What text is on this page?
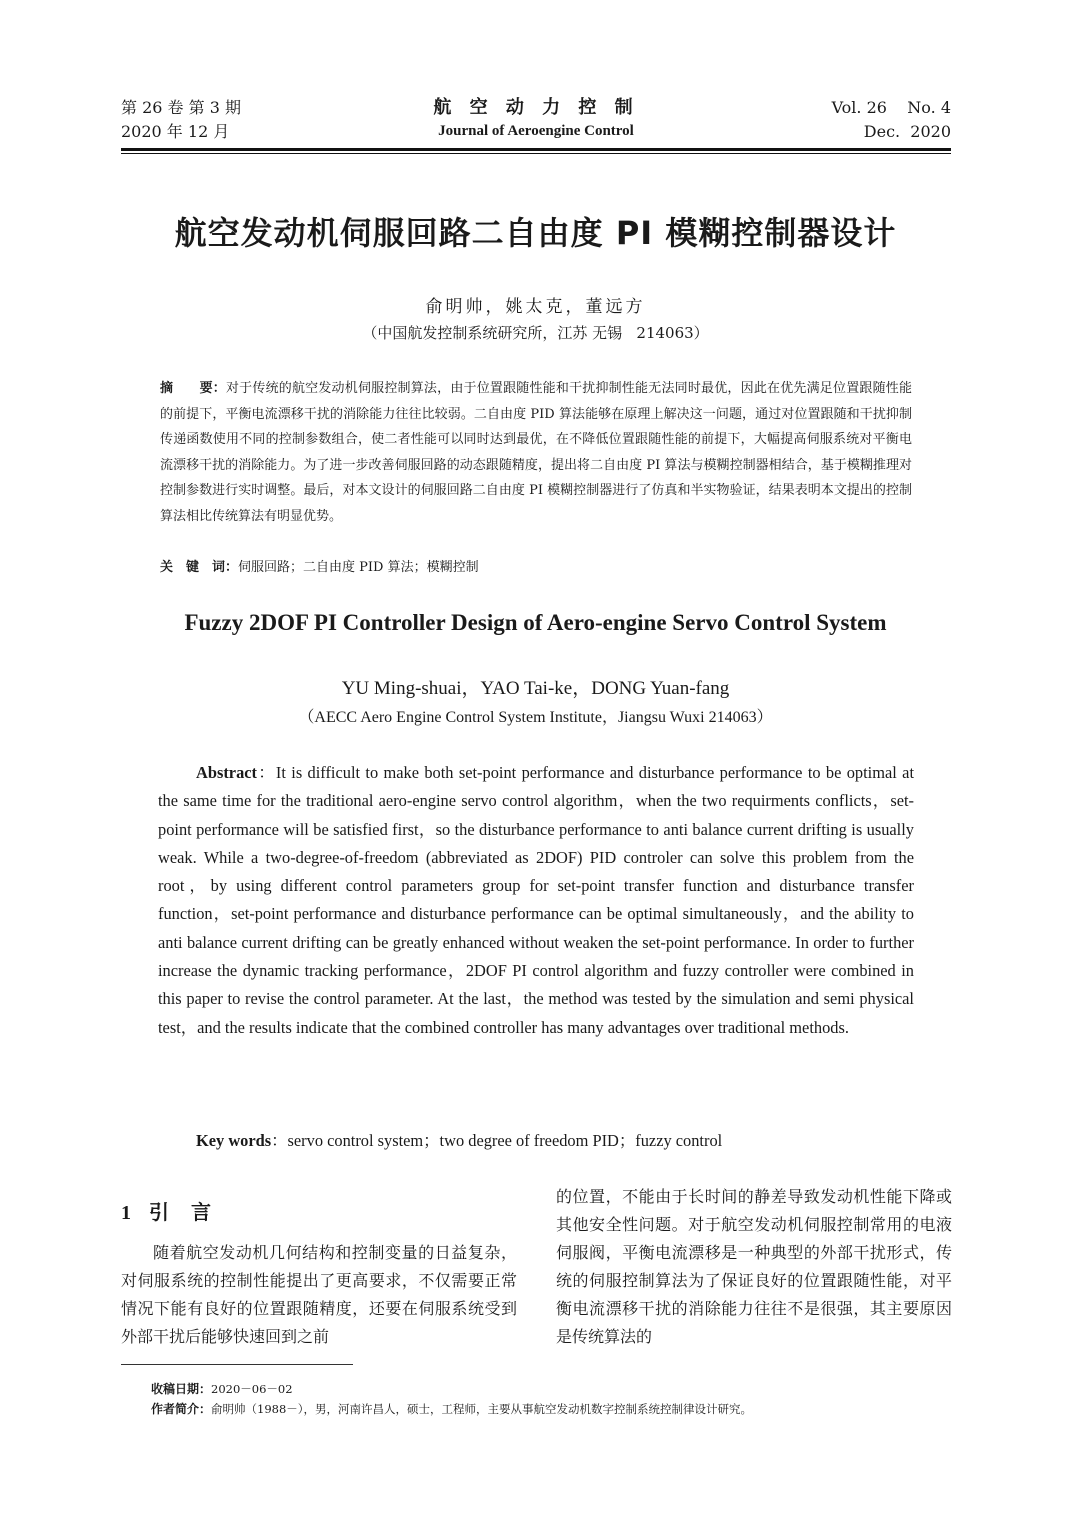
第 26 卷 第 3 期
2020 年 12 月
航 空 动 力 控 制
Journal of Aeroengine Control
Vol. 26    No. 4
Dec.  2020
航空发动机伺服回路二自由度 PI 模糊控制器设计
俞明帅，姚太克，董远方
（中国航发控制系统研究所，江苏 无锡   214063）
摘　　要：对于传统的航空发动机伺服控制算法，由于位置跟随性能和干扰抑制性能无法同时最优，因此在优先满足位置跟随性能的前提下，平衡电流漂移干扰的消除能力往往比较弱。二自由度 PID 算法能够在原理上解决这一问题，通过对位置跟随和干扰抑制传递函数使用不同的控制参数组合，使二者性能可以同时达到最优，在不降低位置跟随性能的前提下，大幅提高伺服系统对平衡电流漂移干扰的消除能力。为了进一步改善伺服回路的动态跟随精度，提出将二自由度 PI 算法与模糊控制器相结合，基于模糊推理对控制参数进行实时调整。最后，对本文设计的伺服回路二自由度 PI 模糊控制器进行了仿真和半实物验证，结果表明本文提出的控制算法相比传统算法有明显优势。
关　键　词：伺服回路；二自由度 PID 算法；模糊控制
Fuzzy 2DOF PI Controller Design of Aero-engine Servo Control System
YU Ming-shuai，YAO Tai-ke，DONG Yuan-fang
（AECC Aero Engine Control System Institute，Jiangsu Wuxi 214063）
Abstract：It is difficult to make both set-point performance and disturbance performance to be optimal at the same time for the traditional aero-engine servo control algorithm，when the two requirments conflicts，set-point performance will be satisfied first，so the disturbance performance to anti balance current drifting is usually weak. While a two-degree-of-freedom (abbreviated as 2DOF) PID controler can solve this problem from the root，by using different control parameters group for set-point transfer function and disturbance transfer function，set-point performance and disturbance performance can be optimal simultaneously，and the ability to anti balance current drifting can be greatly enhanced without weaken the set-point performance. In order to further increase the dynamic tracking performance，2DOF PI control algorithm and fuzzy controller were combined in this paper to revise the control parameter. At the last，the method was tested by the simulation and semi physical test，and the results indicate that the combined controller has many advantages over traditional methods.
Key words：servo control system；two degree of freedom PID；fuzzy control
1 引言
随着航空发动机几何结构和控制变量的日益复杂，对伺服系统的控制性能提出了更高要求，不仅需要正常情况下能有良好的位置跟随精度，还要在伺服系统受到外部干扰后能够快速回到之前
的位置，不能由于长时间的静差导致发动机性能下降或其他安全性问题。对于航空发动机伺服控制常用的电液伺服阀，平衡电流漂移是一种典型的外部干扰形式，传统的伺服控制算法为了保证良好的位置跟随性能，对平衡电流漂移干扰的消除能力往往不是很强，其主要原因是传统算法的
收稿日期：2020－06－02
作者简介：俞明帅（1988－），男，河南许昌人，硕士，工程师，主要从事航空发动机数字控制系统控制律设计研究。
